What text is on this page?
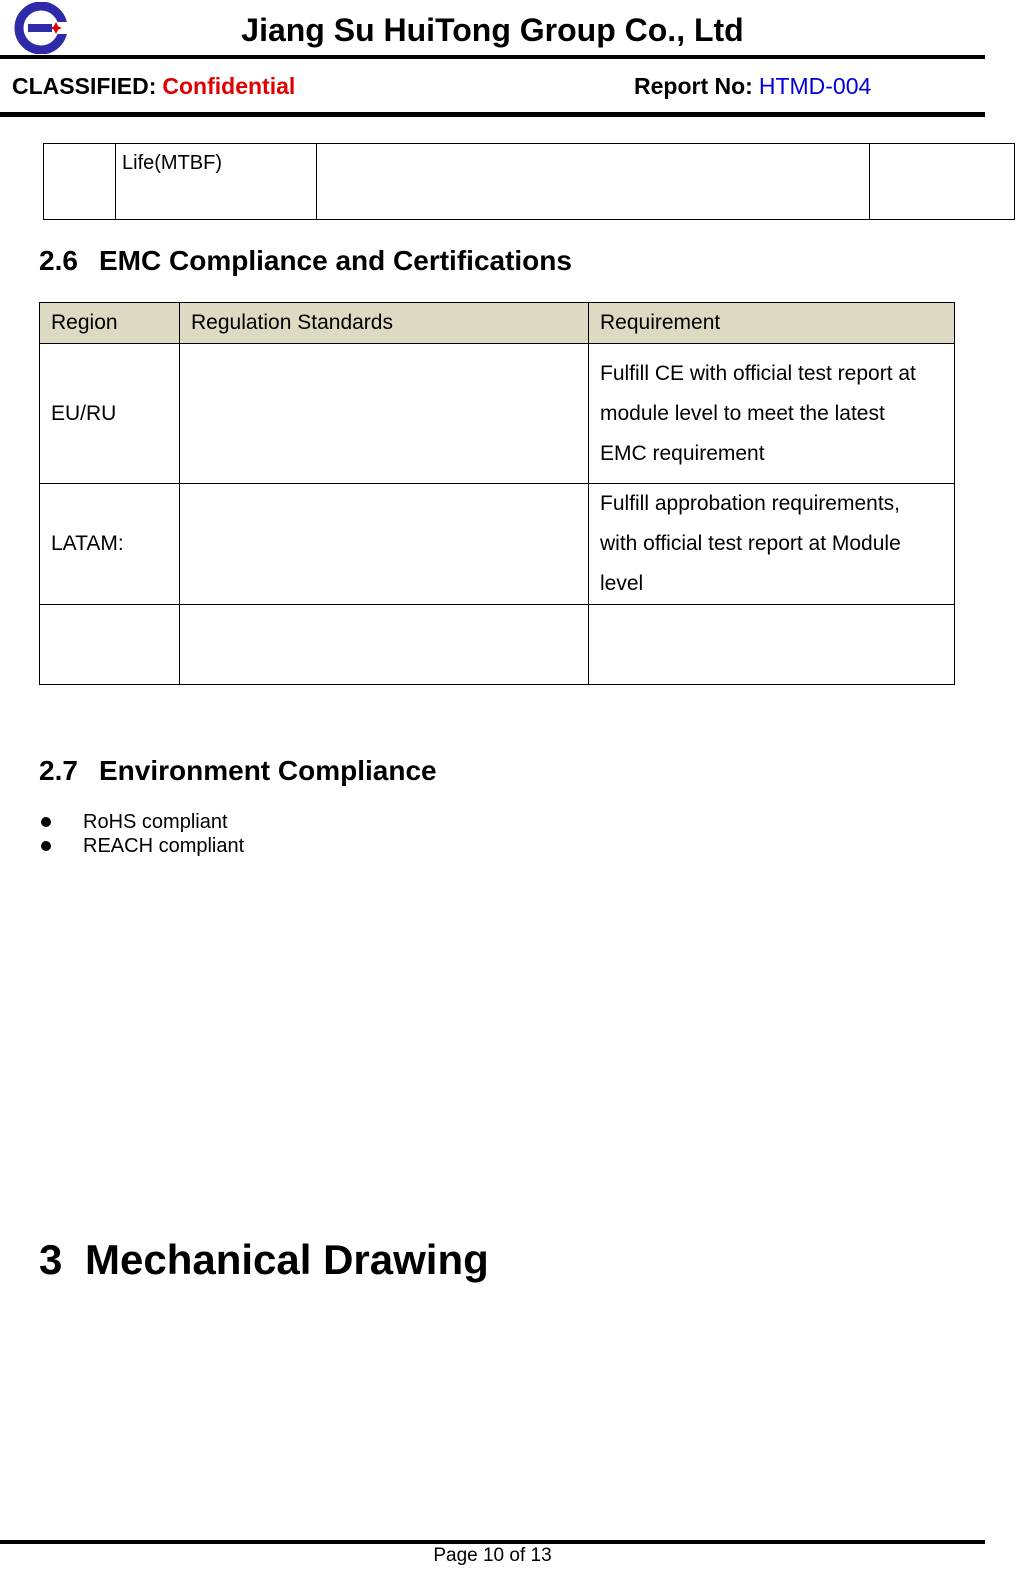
Jiang Su HuiTong Group Co., Ltd
CLASSIFIED: Confidential	Report No: HTMD-004
	Life(MTBF)		
2.6 EMC Compliance and Certifications
Region	Regulation Standards	Requirement
EU/RU		Fulfill CE with official test report at
module level to meet the latest
EMC requirement

LATAM:		Fulfill approbation requirements,
with official test report at Module
level

2.7 Environment Compliance
RoHS compliant
REACH compliant
3 Mechanical Drawing
Page 10 of 13
